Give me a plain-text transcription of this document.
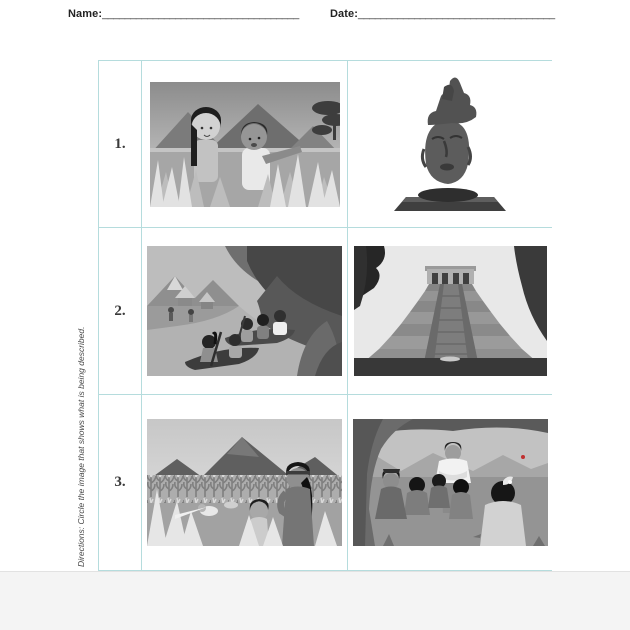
Name:___________________________________	Date:___________________________________
Directions: Circle the image that shows what is being described.
1.
2.
3.
